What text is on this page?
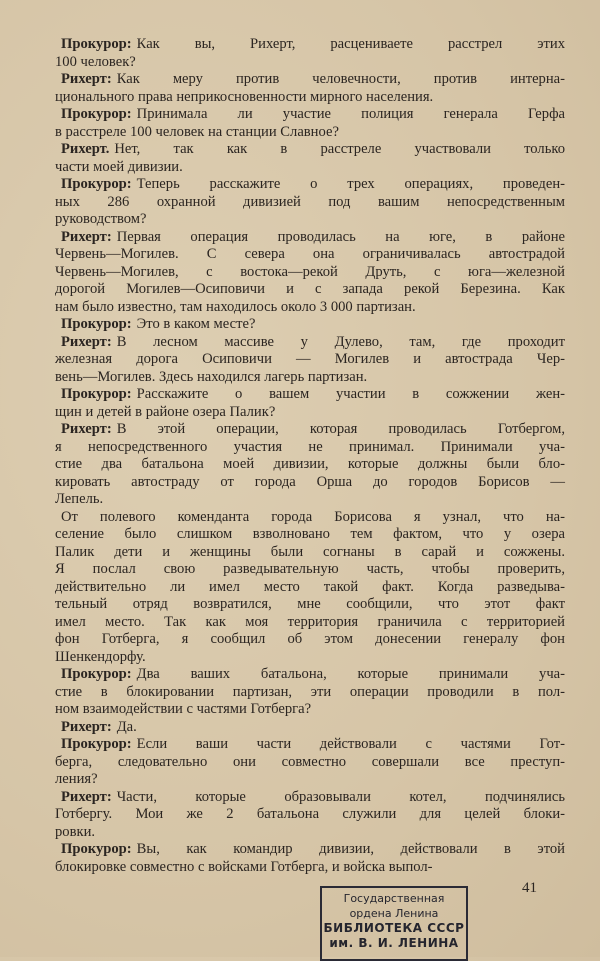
Прокурор: Как вы, Рихерт, расцениваете расстрел этих
100 человек?
Рихерт: Как меру против человечности, против интерна-
ционального права неприкосновенности мирного населения.
Прокурор: Принимала ли участие полиция генерала Герфа
в расстреле 100 человек на станции Славное?
Рихерт. Нет, так как в расстреле участвовали только
части моей дивизии.
Прокурор: Теперь расскажите о трех операциях, проведен-
ных 286 охранной дивизией под вашим непосредственным
руководством?
Рихерт: Первая операция проводилась на юге, в районе
Червень—Могилев. С севера она ограничивалась автострадой
Червень—Могилев, с востока—рекой Друть, с юга—железной
дорогой Могилев—Осиповичи и с запада рекой Березина. Как
нам было известно, там находилось около 3 000 партизан.
Прокурор: Это в каком месте?
Рихерт: В лесном массиве у Дулево, там, где проходит
железная дорога Осиповичи — Могилев и автострада Чер-
вень—Могилев. Здесь находился лагерь партизан.
Прокурор: Расскажите о вашем участии в сожжении жен-
щин и детей в районе озера Палик?
Рихерт: В этой операции, которая проводилась Готбергом,
я непосредственного участия не принимал. Принимали уча-
стие два батальона моей дивизии, которые должны были бло-
кировать автостраду от города Орша до городов Борисов —
Лепель.
От полевого коменданта города Борисова я узнал, что на-
селение было слишком взволновано тем фактом, что у озера
Палик дети и женщины были согнаны в сарай и сожжены.
Я послал свою разведывательную часть, чтобы проверить,
действительно ли имел место такой факт. Когда разведыва-
тельный отряд возвратился, мне сообщили, что этот факт
имел место. Так как моя территория граничила с территорией
фон Готберга, я сообщил об этом донесении генералу фон
Шенкендорфу.
Прокурор: Два ваших батальона, которые принимали уча-
стие в блокировании партизан, эти операции проводили в пол-
ном взаимодействии с частями Готберга?
Рихерт: Да.
Прокурор: Если ваши части действовали с частями Гот-
берга, следовательно они совместно совершали все преступ-
ления?
Рихерт: Части, которые образовывали котел, подчинялись
Готбергу. Мои же 2 батальона служили для целей блоки-
ровки.
Прокурор: Вы, как командир дивизии, действовали в этой
блокировке совместно с войсками Готберга, и войска выпол-
41
Государственная
ордена Ленина
БИБЛИОТЕКА СССР
им. В. И. ЛЕНИНА
